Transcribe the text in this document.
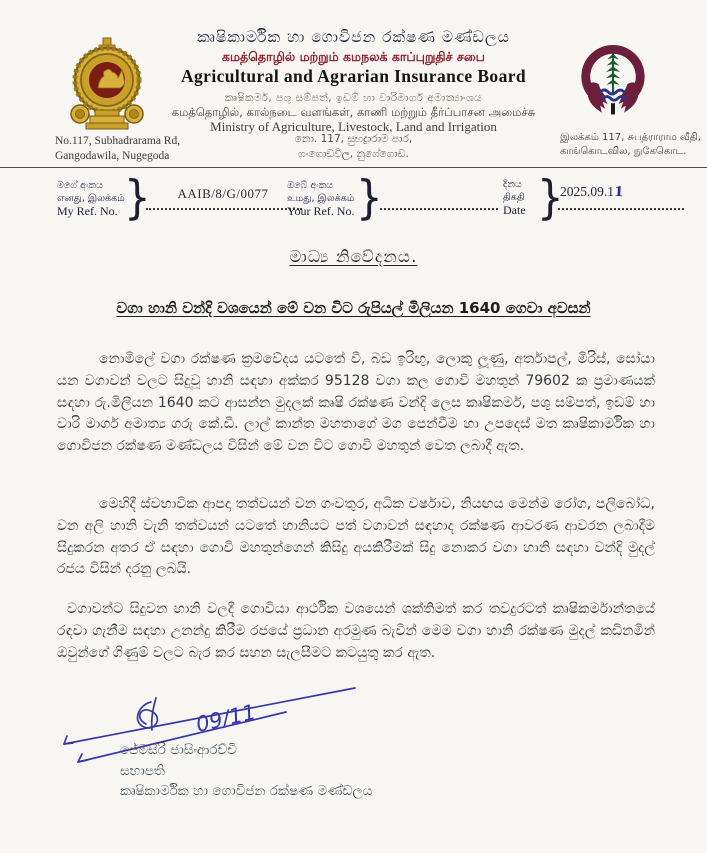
කෘෂිකාර්මික හා ගොවිජන රක්ෂණ මණ්ඩලය
கமத்தொழில் மற்றும் கமநலக் காப்புறுதிச் சபை
Agricultural and Agrarian Insurance Board
කෘෂිකර්ම, පශු සම්පත්, ඉඩම් හා වාරිමාර්ග අමාත්‍යාංශය
கமத்தொழில், கால்நடை வளங்கள், காணி மற்றும் தீர்ப்பாசன அமைச்சு
Ministry of Agriculture, Livestock, Land and Irrigation
No.117, Subhadrarama Rd,
Gangodawila, Nugegoda
නො. 117, සුභද්‍රාරාම පාර,
ගංගොඩවිල, නුගේගොඩ.
இலக்கம் 117, சுபத்ராராம வீதி,
காங்கொடவில, நுகேகொட.
මගේ අංකය
எனது, இலக்கம்
My Ref. No. }	AAIB/8/G/0077
ඔබේ අංකය
உமது, இலக்கம்
Your Ref. No. }	දිනය
திகதி
Date }
2025.09.11
මාධ්‍ය නිවේදනය.
වගා හානි වන්දි වශයෙන් මේ වන විට රුපියල් මිලියන 1640 ගෙවා අවසන්

නොමිලේ වගා රක්ෂණ ක්‍රමවේදය යටතේ වී, බඩ ඉරිඟු, ලොකු ලූණු, අර්තාපල්, මිරිස්, සෝයා යන වගාවන් වලට සිදුවූ හානි සඳහා අක්කර 95128 වගා කල ගොවි මහතුන් 79602 ක ප්‍රමාණයක් සඳහා රු.මිලියන 1640 කට ආසන්න මුදලක් කෘෂි රක්ෂණ වන්දි ලෙස කෘෂිකර්ම, පශු සම්පත්, ඉඩම් හා වාරි මාර්ග අමාත්‍ය ගරු කේ.ඩී. ලාල් කාන්ත මහතාගේ මග පෙන්වීම හා උපදෙස් මත කෘෂිකාර්මික හා ගොවිජන රක්ෂණ මණ්ඩලය විසින් මේ වන විට ගොවි මහතුන් වෙත ලබාදී ඇත.

මෙහිදී ස්වභාවික ආපදා තත්වයන් වන ගංවතුර, අධික වර්ෂාව, නියඟය මෙන්ම රෝග, පලිබෝධ, වන අලි හානි වැනි තත්වයන් යටතේ හානියට පත් වගාවන් සඳහාද රක්ෂණ ආවරණ ආවරන ලබාදීම සිදුකරන අතර ඒ සඳහා ගොවි මහතුන්ගෙන් කිසිදු අයකිරීමක් සිදු නොකර වගා හානි සඳහා වන්දි මුදල් රජය විසින් දරනු ලබයි.

වගාවන්ට සිදුවන හානි වලදී ගොවියා ආර්ථික වශයෙන් ශක්තිමත් කර තවදුරටත් කෘෂිකර්මාන්තයේ රඳවා ගැනීම සඳහා උනන්දු කිරීම රජයේ ප්‍රධාන අරමුණ බැවින් මෙම වගා හානි රක්ෂණ මුදල් කඩිනමින් ඔවුන්ගේ ගිණුම් වලට බැර කර සහන සැලසීමට කටයුතු කර ඇත.

09/11
ජේමසිරි ජාසිංආරච්චි
සභාපති
කෘෂිකාර්මික හා ගොවිජන රක්ෂණ මණ්ඩලය
